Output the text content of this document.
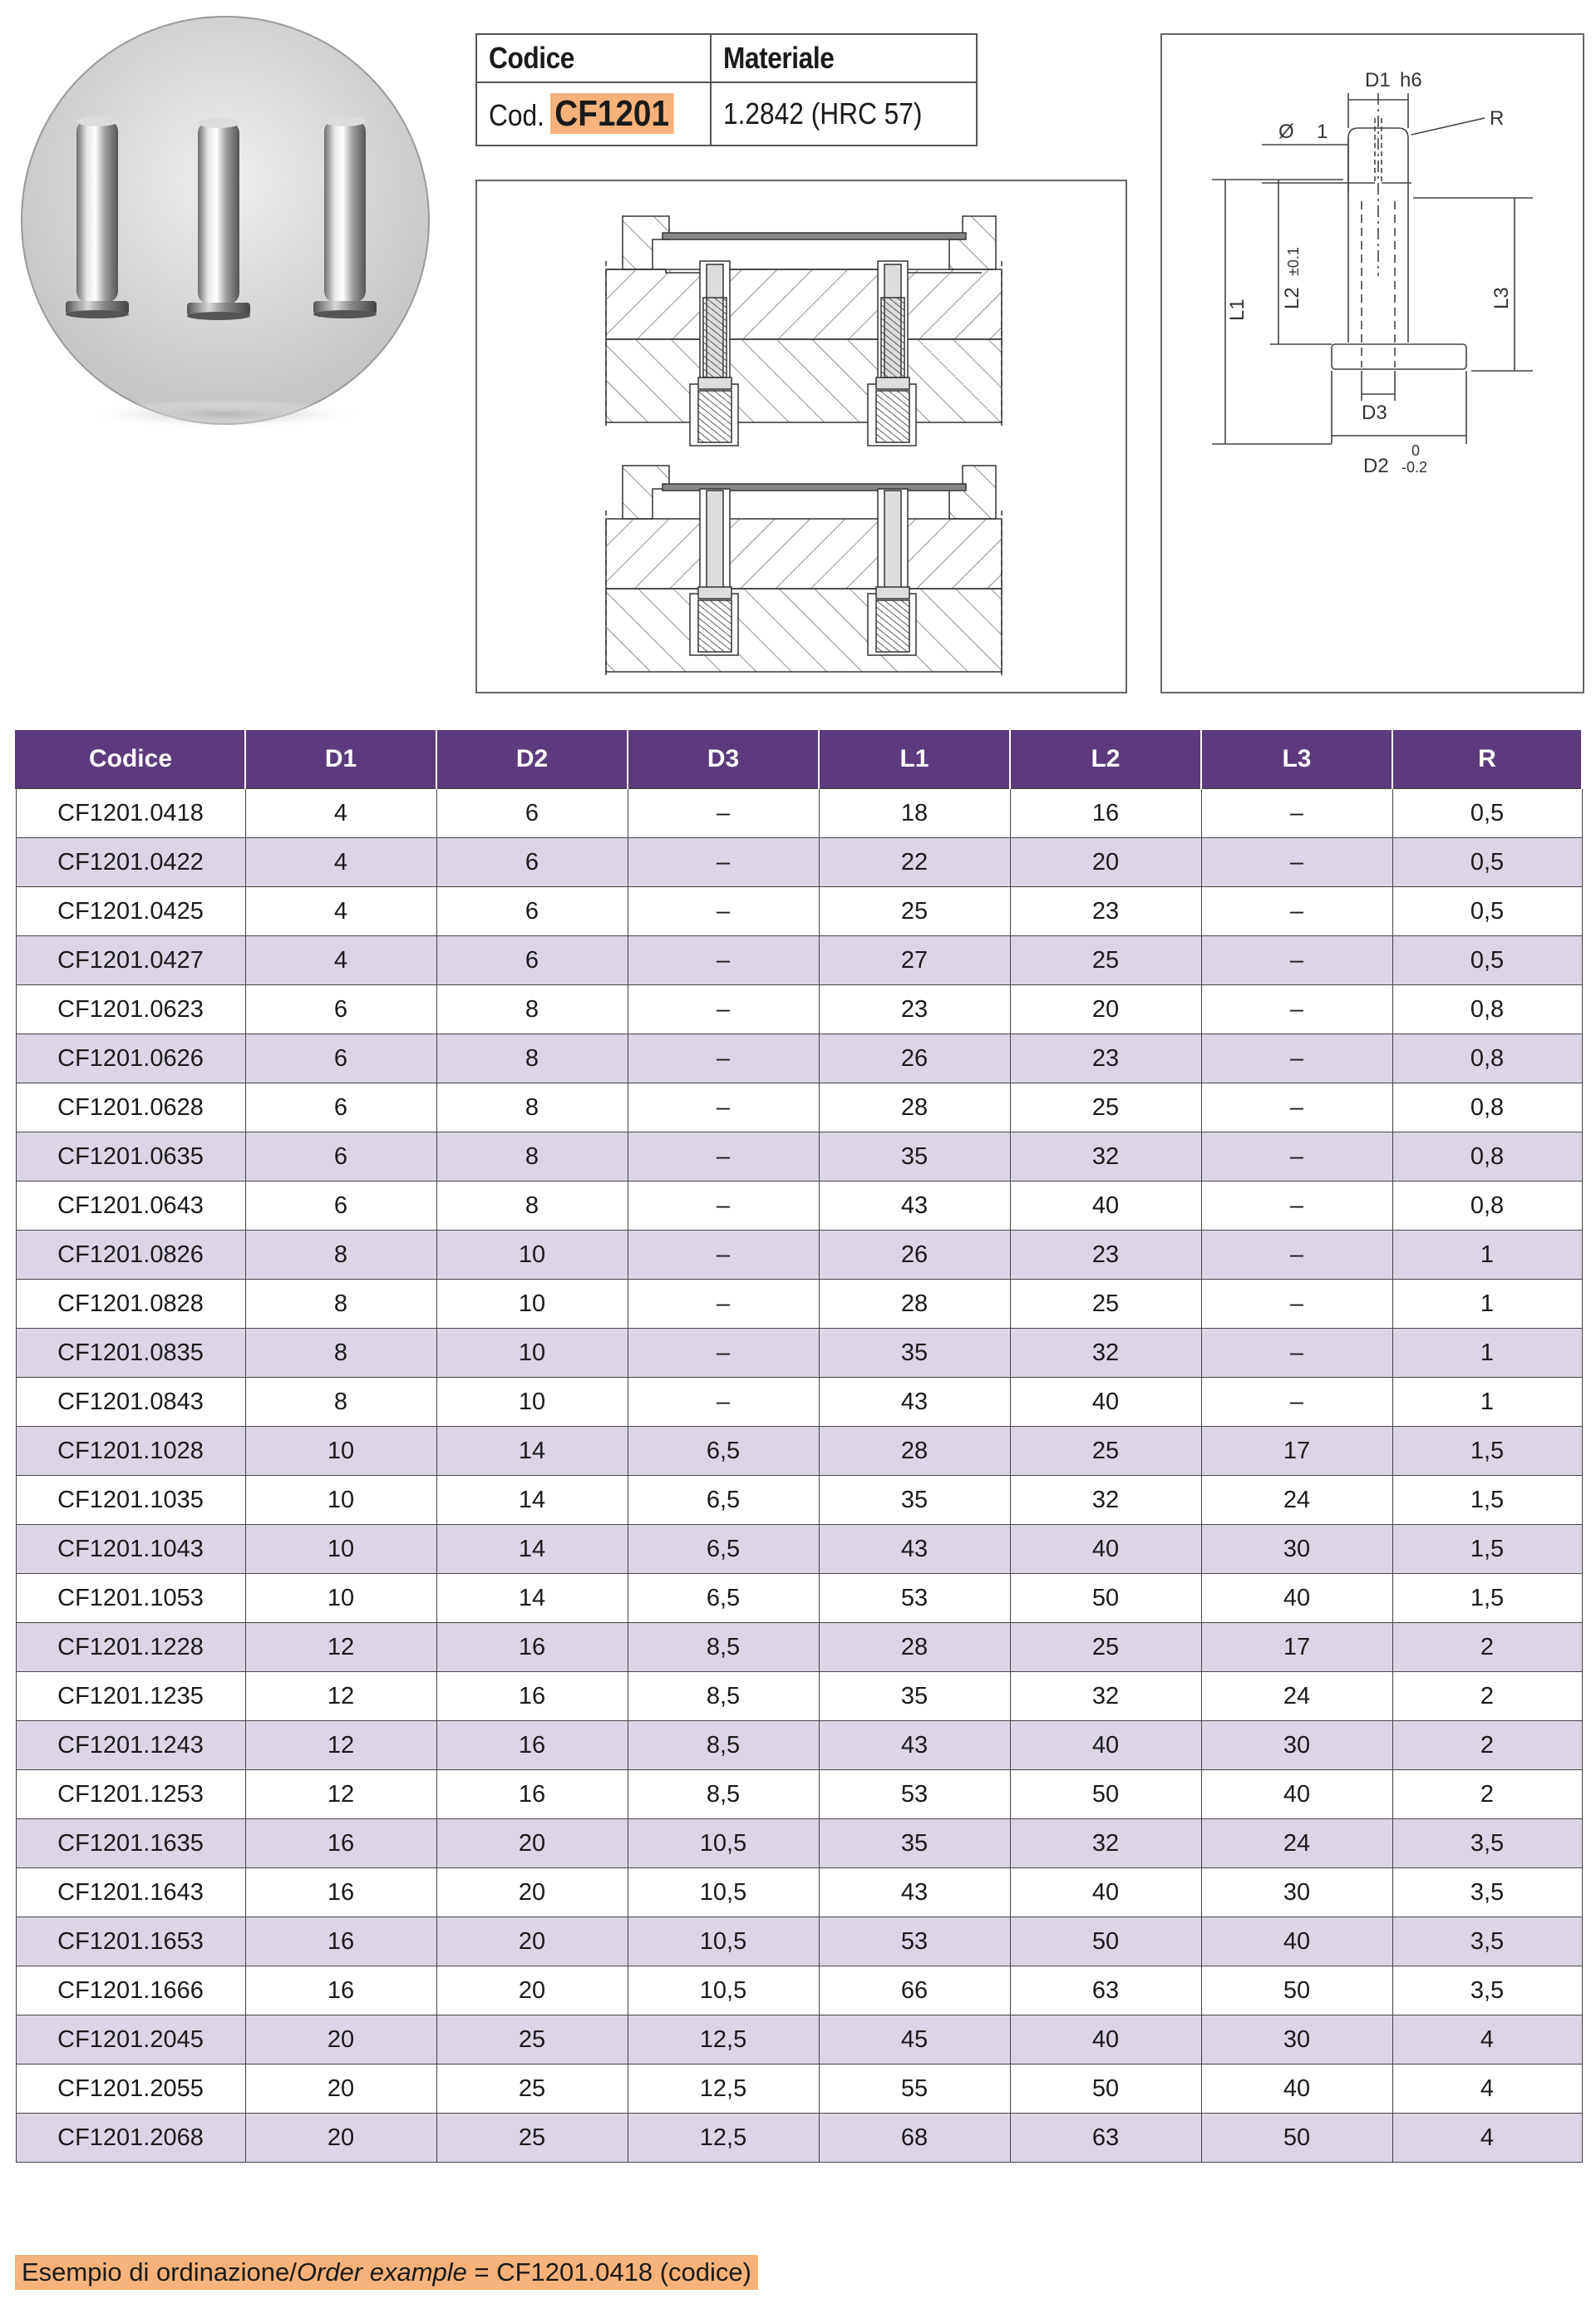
Codice	Materiale
Cod. CF1201 1.2842 (HRC 57)
D1 h6
Ø 1
R
L1
L2
±0.1
L3
D3
D2
0
-0.2
Codice	D1	D2	D3	L1	L2	L3	R
CF1201.0418	4	6	–	18	16	–	0,5
CF1201.0422	4	6	–	22	20	–	0,5
CF1201.0425	4	6	–	25	23	–	0,5
CF1201.0427	4	6	–	27	25	–	0,5
CF1201.0623	6	8	–	23	20	–	0,8
CF1201.0626	6	8	–	26	23	–	0,8
CF1201.0628	6	8	–	28	25	–	0,8
CF1201.0635	6	8	–	35	32	–	0,8
CF1201.0643	6	8	–	43	40	–	0,8
CF1201.0826	8	10	–	26	23	–	1
CF1201.0828	8	10	–	28	25	–	1
CF1201.0835	8	10	–	35	32	–	1
CF1201.0843	8	10	–	43	40	–	1
CF1201.1028	10	14	6,5	28	25	17	1,5
CF1201.1035	10	14	6,5	35	32	24	1,5
CF1201.1043	10	14	6,5	43	40	30	1,5
CF1201.1053	10	14	6,5	53	50	40	1,5
CF1201.1228	12	16	8,5	28	25	17	2
CF1201.1235	12	16	8,5	35	32	24	2
CF1201.1243	12	16	8,5	43	40	30	2
CF1201.1253	12	16	8,5	53	50	40	2
CF1201.1635	16	20	10,5	35	32	24	3,5
CF1201.1643	16	20	10,5	43	40	30	3,5
CF1201.1653	16	20	10,5	53	50	40	3,5
CF1201.1666	16	20	10,5	66	63	50	3,5
CF1201.2045	20	25	12,5	45	40	30	4
CF1201.2055	20	25	12,5	55	50	40	4
CF1201.2068	20	25	12,5	68	63	50	4
Esempio di ordinazione/Order example = CF1201.0418 (codice)
